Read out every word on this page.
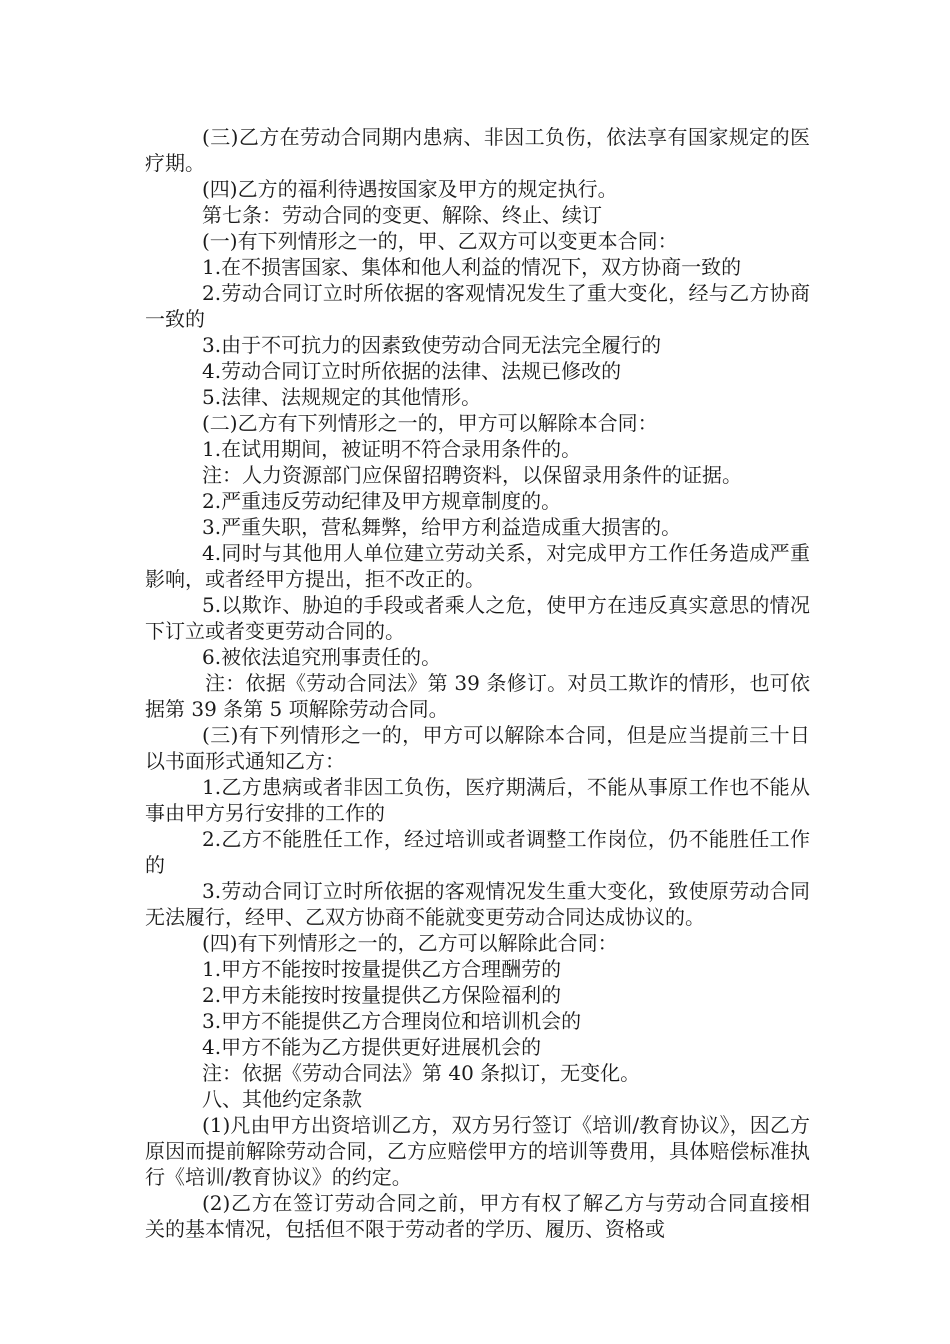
(三)乙方在劳动合同期内患病、非因工负伤，依法享有国家规定的医疗期。

(四)乙方的福利待遇按国家及甲方的规定执行。

第七条：劳动合同的变更、解除、终止、续订

(一)有下列情形之一的，甲、乙双方可以变更本合同：

1.在不损害国家、集体和他人利益的情况下，双方协商一致的

2.劳动合同订立时所依据的客观情况发生了重大变化，经与乙方协商一致的

3.由于不可抗力的因素致使劳动合同无法完全履行的

4.劳动合同订立时所依据的法律、法规已修改的

5.法律、法规规定的其他情形。

(二)乙方有下列情形之一的，甲方可以解除本合同：

1.在试用期间，被证明不符合录用条件的。

注：人力资源部门应保留招聘资料，以保留录用条件的证据。

2.严重违反劳动纪律及甲方规章制度的。

3.严重失职，营私舞弊，给甲方利益造成重大损害的。

4.同时与其他用人单位建立劳动关系，对完成甲方工作任务造成严重影响，或者经甲方提出，拒不改正的。

5.以欺诈、胁迫的手段或者乘人之危，使甲方在违反真实意思的情况下订立或者变更劳动合同的。

6.被依法追究刑事责任的。

注：依据《劳动合同法》第 39 条修订。对员工欺诈的情形，也可依据第 39 条第 5 项解除劳动合同。

(三)有下列情形之一的，甲方可以解除本合同，但是应当提前三十日以书面形式通知乙方：

1.乙方患病或者非因工负伤，医疗期满后，不能从事原工作也不能从事由甲方另行安排的工作的

2.乙方不能胜任工作，经过培训或者调整工作岗位，仍不能胜任工作的

3.劳动合同订立时所依据的客观情况发生重大变化，致使原劳动合同无法履行，经甲、乙双方协商不能就变更劳动合同达成协议的。

(四)有下列情形之一的，乙方可以解除此合同：

1.甲方不能按时按量提供乙方合理酬劳的

2.甲方未能按时按量提供乙方保险福利的

3.甲方不能提供乙方合理岗位和培训机会的

4.甲方不能为乙方提供更好进展机会的

注：依据《劳动合同法》第 40 条拟订，无变化。

八、其他约定条款

(1)凡由甲方出资培训乙方，双方另行签订《培训/教育协议》，因乙方原因而提前解除劳动合同，乙方应赔偿甲方的培训等费用，具体赔偿标准执行《培训/教育协议》的约定。

(2)乙方在签订劳动合同之前，甲方有权了解乙方与劳动合同直接相关的基本情况，包括但不限于劳动者的学历、履历、资格或
